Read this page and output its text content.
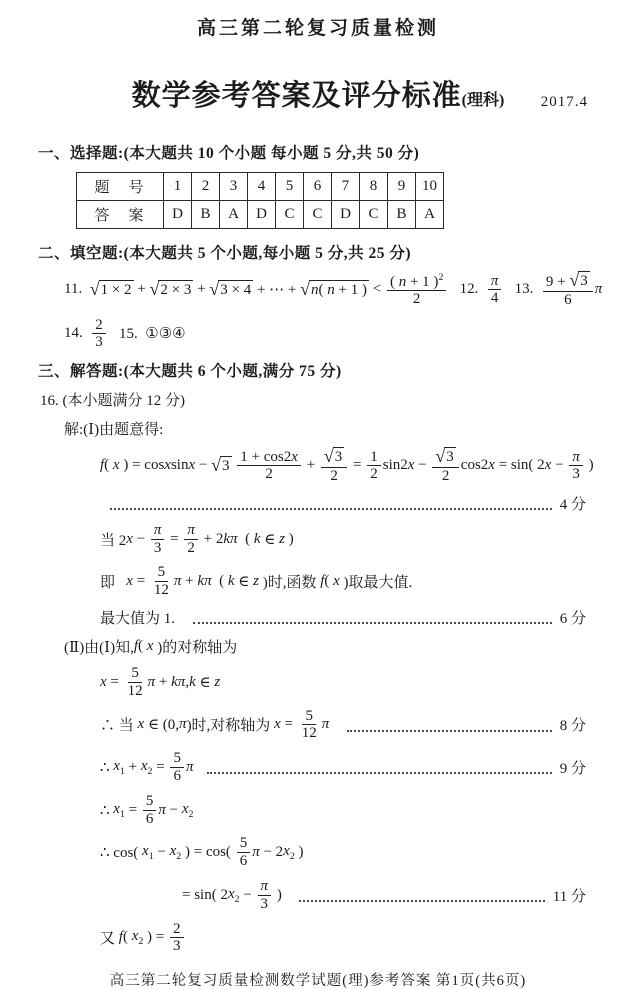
高三第二轮复习质量检测
数学参考答案及评分标准(理科) 2017.4
一、选择题:(本大题共 10 个小题 每小题 5 分,共 50 分)
题　号	1	2	3	4	5	6	7	8	9	10
答　案	D	B	A	D	C	C	D	C	B	A
二、填空题:(本大题共 5 个小题,每小题 5 分,共 25 分)
11. √ 1 × 2 + √ 2 × 3 + √ 3 × 4 + ⋯ + √ n( n + 1 ) < $\frac{( n + 1 )^2}{2} 12$. $\frac{\pi}{4} 13$. $\frac{9 + √ 3}{6}$ π
14. $\frac{2}{3} 15$.  ①③④
三、解答题:(本大题共 6 个小题,满分 75 分)
16. (本小题满分 12 分)
解:(Ⅰ)由题意得:
f ( x ) = cos x sin x − √ 3
$\frac{1 + \cos 2x}{2} + \frac{√ 3}{2} = \frac{1}{2} \sin 2$ $x - \frac{√ 3}{2} \cos 2$ x = sin( 2 $x - \frac{\pi}{3}$ )
4 分
当 2 $x - \frac{\pi}{3} = \frac{\pi}{2} + 2$ k π ( k ∈ z )
即 $x = \frac{5}{12}$ π + k π ( k ∈ z )时,函数 f ( x )取最大值.
最大值为 1.	6 分
(Ⅱ)由(Ⅰ)知, f ( x )的对称轴为
$x = \frac{5}{12}$ π + k π , k ∈ z
∴ 当 x ∈ (0, π )时,对称轴为 $x = \frac{5}{12}$ π
	8 分
∴ $x_1 + x_2 = \frac{5}{6}$ π
	9 分
∴ $x_1 = \frac{5}{6}$ $\pi - x_2$
∴ cos( $x_1 - x_2$ ) = $\cos( \frac{5}{6}$ π − 2 $x_2$ )
= sin( 2 $x_2 - \frac{\pi}{3}$ )	11 分
又 f ( $x_2$ ) = $\frac{2}{3}$
高三第二轮复习质量检测数学试题(理)参考答案 第1页(共6页)
